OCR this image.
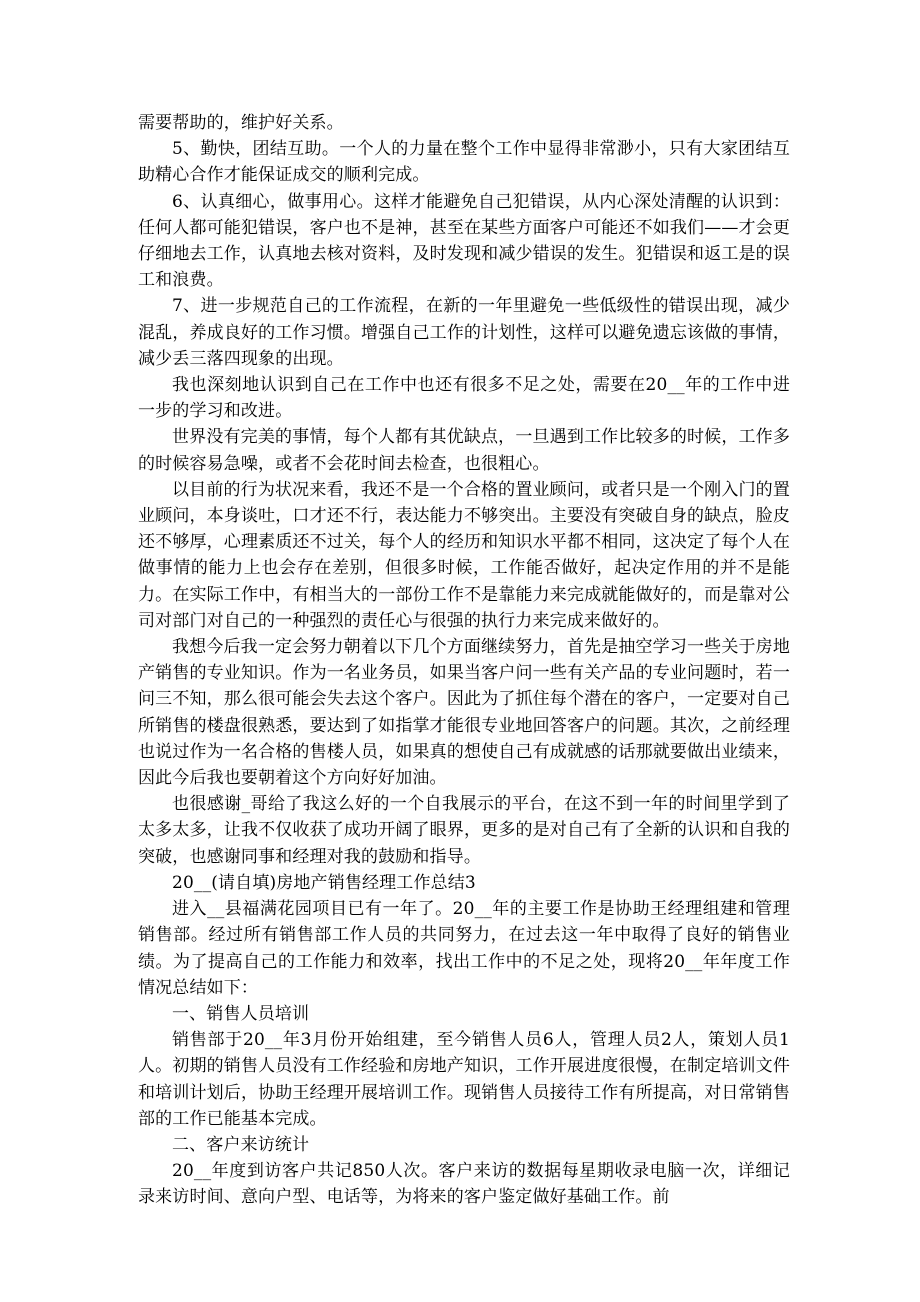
需要帮助的，维护好关系。

5、勤快，团结互助。一个人的力量在整个工作中显得非常渺小，只有大家团结互助精心合作才能保证成交的顺利完成。

6、认真细心，做事用心。这样才能避免自己犯错误，从内心深处清醒的认识到：任何人都可能犯错误，客户也不是神，甚至在某些方面客户可能还不如我们——才会更仔细地去工作，认真地去核对资料，及时发现和减少错误的发生。犯错误和返工是的误工和浪费。

7、进一步规范自己的工作流程，在新的一年里避免一些低级性的错误出现，减少混乱，养成良好的工作习惯。增强自己工作的计划性，这样可以避免遗忘该做的事情，减少丢三落四现象的出现。

我也深刻地认识到自己在工作中也还有很多不足之处，需要在20__年的工作中进一步的学习和改进。

世界没有完美的事情，每个人都有其优缺点，一旦遇到工作比较多的时候，工作多的时候容易急噪，或者不会花时间去检查，也很粗心。

以目前的行为状况来看，我还不是一个合格的置业顾问，或者只是一个刚入门的置业顾问，本身谈吐，口才还不行，表达能力不够突出。主要没有突破自身的缺点，脸皮还不够厚，心理素质还不过关，每个人的经历和知识水平都不相同，这决定了每个人在做事情的能力上也会存在差别，但很多时候，工作能否做好，起决定作用的并不是能力。在实际工作中，有相当大的一部份工作不是靠能力来完成就能做好的，而是靠对公司对部门对自己的一种强烈的责任心与很强的执行力来完成来做好的。

我想今后我一定会努力朝着以下几个方面继续努力，首先是抽空学习一些关于房地产销售的专业知识。作为一名业务员，如果当客户问一些有关产品的专业问题时，若一问三不知，那么很可能会失去这个客户。因此为了抓住每个潜在的客户，一定要对自己所销售的楼盘很熟悉，要达到了如指掌才能很专业地回答客户的问题。其次，之前经理也说过作为一名合格的售楼人员，如果真的想使自己有成就感的话那就要做出业绩来，因此今后我也要朝着这个方向好好加油。

也很感谢_哥给了我这么好的一个自我展示的平台，在这不到一年的时间里学到了太多太多，让我不仅收获了成功开阔了眼界，更多的是对自己有了全新的认识和自我的突破，也感谢同事和经理对我的鼓励和指导。

20__(请自填)房地产销售经理工作总结3

进入__县福满花园项目已有一年了。20__年的主要工作是协助王经理组建和管理销售部。经过所有销售部工作人员的共同努力，在过去这一年中取得了良好的销售业绩。为了提高自己的工作能力和效率，找出工作中的不足之处，现将20__年年度工作情况总结如下：

一、销售人员培训

销售部于20__年3月份开始组建，至今销售人员6人，管理人员2人，策划人员1人。初期的销售人员没有工作经验和房地产知识，工作开展进度很慢，在制定培训文件和培训计划后，协助王经理开展培训工作。现销售人员接待工作有所提高，对日常销售部的工作已能基本完成。

二、客户来访统计

20__年度到访客户共记850人次。客户来访的数据每星期收录电脑一次，详细记录来访时间、意向户型、电话等，为将来的客户鉴定做好基础工作。前
